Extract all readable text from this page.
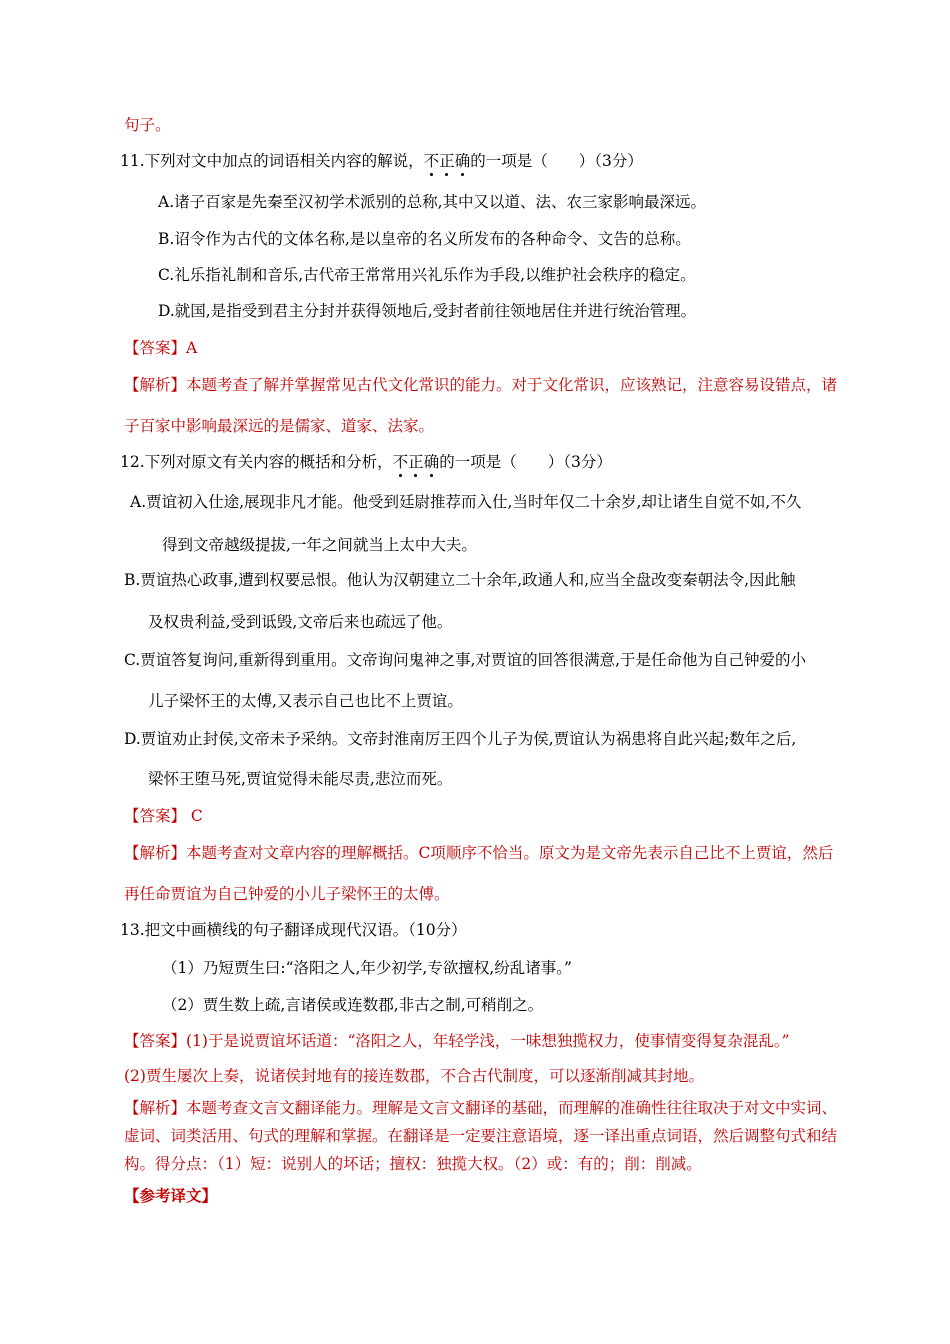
句子。
11.下列对文中加点的词语相关内容的解说，不正确的一项是（　　）（3分）
A.诸子百家是先秦至汉初学术派别的总称,其中又以道、法、农三家影响最深远。
B.诏令作为古代的文体名称,是以皇帝的名义所发布的各种命令、文告的总称。
C.礼乐指礼制和音乐,古代帝王常常用兴礼乐作为手段,以维护社会秩序的稳定。
D.就国,是指受到君主分封并获得领地后,受封者前往领地居住并进行统治管理。
【答案】A
【解析】本题考查了解并掌握常见古代文化常识的能力。对于文化常识，应该熟记，注意容易设错点，诸
子百家中影响最深远的是儒家、道家、法家。
12.下列对原文有关内容的概括和分析，不正确的一项是（　　）（3分）
A.贾谊初入仕途,展现非凡才能。他受到廷尉推荐而入仕,当时年仅二十余岁,却让诸生自觉不如,不久
得到文帝越级提拔,一年之间就当上太中大夫。
B.贾谊热心政事,遭到权要忌恨。他认为汉朝建立二十余年,政通人和,应当全盘改变秦朝法令,因此触
及权贵利益,受到诋毁,文帝后来也疏远了他。
C.贾谊答复询问,重新得到重用。文帝询问鬼神之事,对贾谊的回答很满意,于是任命他为自己钟爱的小
儿子梁怀王的太傅,又表示自己也比不上贾谊。
D.贾谊劝止封侯,文帝未予采纳。文帝封淮南厉王四个儿子为侯,贾谊认为祸患将自此兴起;数年之后,
梁怀王堕马死,贾谊觉得未能尽责,悲泣而死。
【答案】 C
【解析】本题考查对文章内容的理解概括。C项顺序不恰当。原文为是文帝先表示自己比不上贾谊，然后
再任命贾谊为自己钟爱的小儿子梁怀王的太傅。
13.把文中画横线的句子翻译成现代汉语。（10分）
（1）乃短贾生曰:“洛阳之人,年少初学,专欲擅权,纷乱诸事。”
（2）贾生数上疏,言诸侯或连数郡,非古之制,可稍削之。
【答案】(1)于是说贾谊坏话道：“洛阳之人，年轻学浅，一味想独揽权力，使事情变得复杂混乱。”
(2)贾生屡次上奏，说诸侯封地有的接连数郡，不合古代制度，可以逐渐削减其封地。
【解析】本题考查文言文翻译能力。理解是文言文翻译的基础，而理解的准确性往往取决于对文中实词、
虚词、词类活用、句式的理解和掌握。在翻译是一定要注意语境，逐一译出重点词语，然后调整句式和结
构。得分点：（1）短：说别人的坏话；擅权：独揽大权。（2）或：有的；削：削减。
【参考译文】
